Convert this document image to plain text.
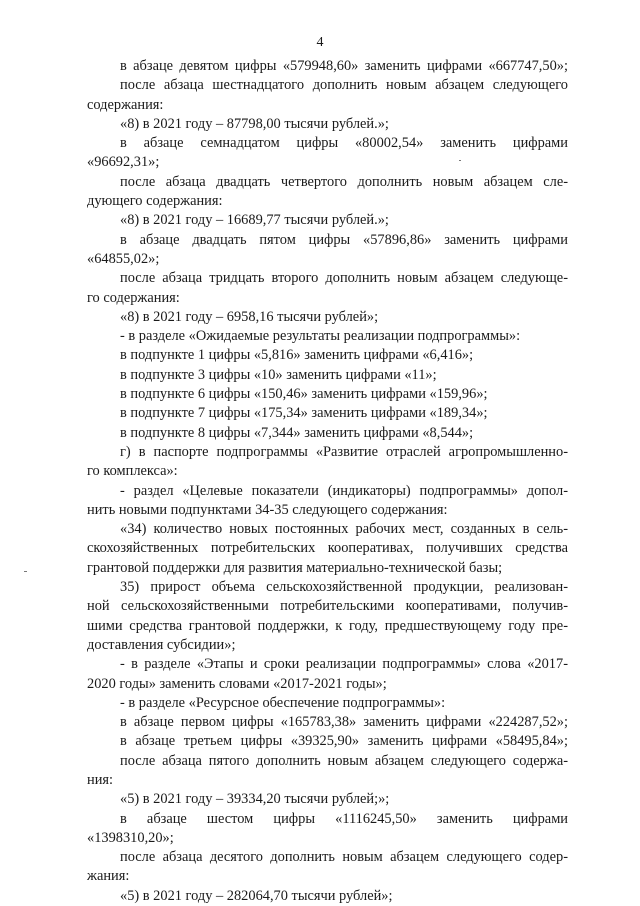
4
в абзаце девятом цифры «579948,60» заменить цифрами «667747,50»;
после абзаца шестнадцатого дополнить новым абзацем следующего
содержания:
«8) в 2021 году – 87798,00 тысячи рублей.»;
в абзаце семнадцатом цифры «80002,54» заменить цифрами
«96692,31»;
после абзаца двадцать четвертого дополнить новым абзацем сле-
дующего содержания:
«8) в 2021 году – 16689,77 тысячи рублей.»;
в абзаце двадцать пятом цифры «57896,86» заменить цифрами
«64855,02»;
после абзаца тридцать второго дополнить новым абзацем следующе-
го содержания:
«8) в 2021 году – 6958,16 тысячи рублей»;
- в разделе «Ожидаемые результаты реализации подпрограммы»:
в подпункте 1 цифры «5,816» заменить цифрами «6,416»;
в подпункте 3 цифры «10» заменить цифрами «11»;
в подпункте 6 цифры «150,46» заменить цифрами «159,96»;
в подпункте 7 цифры «175,34» заменить цифрами «189,34»;
в подпункте 8 цифры «7,344» заменить цифрами «8,544»;
г) в паспорте подпрограммы «Развитие отраслей агропромышленно-
го комплекса»:
- раздел «Целевые показатели (индикаторы) подпрограммы» допол-
нить новыми подпунктами 34-35 следующего содержания:
«34) количество новых постоянных рабочих мест, созданных в сель-
скохозяйственных потребительских кооперативах, получивших средства
грантовой поддержки для развития материально-технической базы;
35) прирост объема сельскохозяйственной продукции, реализован-
ной сельскохозяйственными потребительскими кооперативами, получив-
шими средства грантовой поддержки, к году, предшествующему году пре-
доставления субсидии»;
- в разделе «Этапы и сроки реализации подпрограммы» слова «2017-
2020 годы» заменить словами «2017-2021 годы»;
- в разделе «Ресурсное обеспечение подпрограммы»:
в абзаце первом цифры «165783,38» заменить цифрами «224287,52»;
в абзаце третьем цифры «39325,90» заменить цифрами «58495,84»;
после абзаца пятого дополнить новым абзацем следующего содержа-
ния:
«5) в 2021 году – 39334,20 тысячи рублей;»;
в абзаце шестом цифры «1116245,50» заменить цифрами
«1398310,20»;
после абзаца десятого дополнить новым абзацем следующего содер-
жания:
«5) в 2021 году – 282064,70 тысячи рублей»;
